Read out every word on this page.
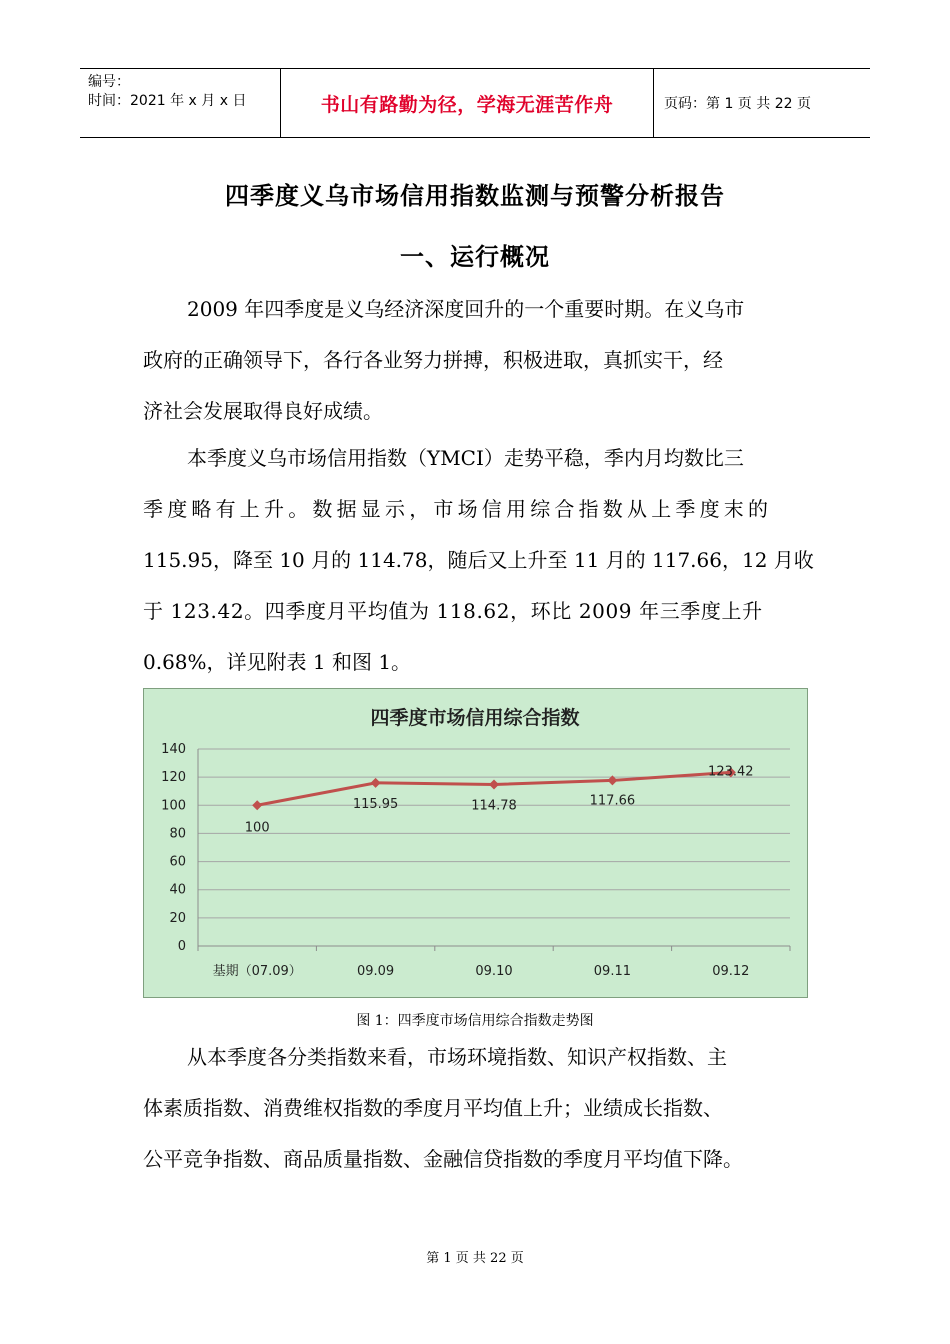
编号：
时间：2021 年 x 月 x 日	书山有路勤为径，学海无涯苦作舟	页码：第 1 页 共 22 页
四季度义乌市场信用指数监测与预警分析报告
一、运行概况
2009 年四季度是义乌经济深度回升的一个重要时期。在义乌市
政府的正确领导下，各行各业努力拼搏，积极进取，真抓实干，经
济社会发展取得良好成绩。
本季度义乌市场信用指数（YMCI）走势平稳，季内月均数比三
季度略有上升。数据显示，市场信用综合指数从上季度末的
115.95，降至 10 月的 114.78，随后又上升至 11 月的 117.66，12 月收
于 123.42。四季度月平均值为 118.62，环比 2009 年三季度上升
0.68%，详见附表 1 和图 1。
四季度市场信用综合指数
0
20
40
60
80
100
120
140
基期（07.09）	09.09	09.10	09.11	09.12
100
115.95	114.78	117.66
123.42
图 1：四季度市场信用综合指数走势图
从本季度各分类指数来看，市场环境指数、知识产权指数、主
体素质指数、消费维权指数的季度月平均值上升；业绩成长指数、
公平竞争指数、商品质量指数、金融信贷指数的季度月平均值下降。
第 1 页 共 22 页
